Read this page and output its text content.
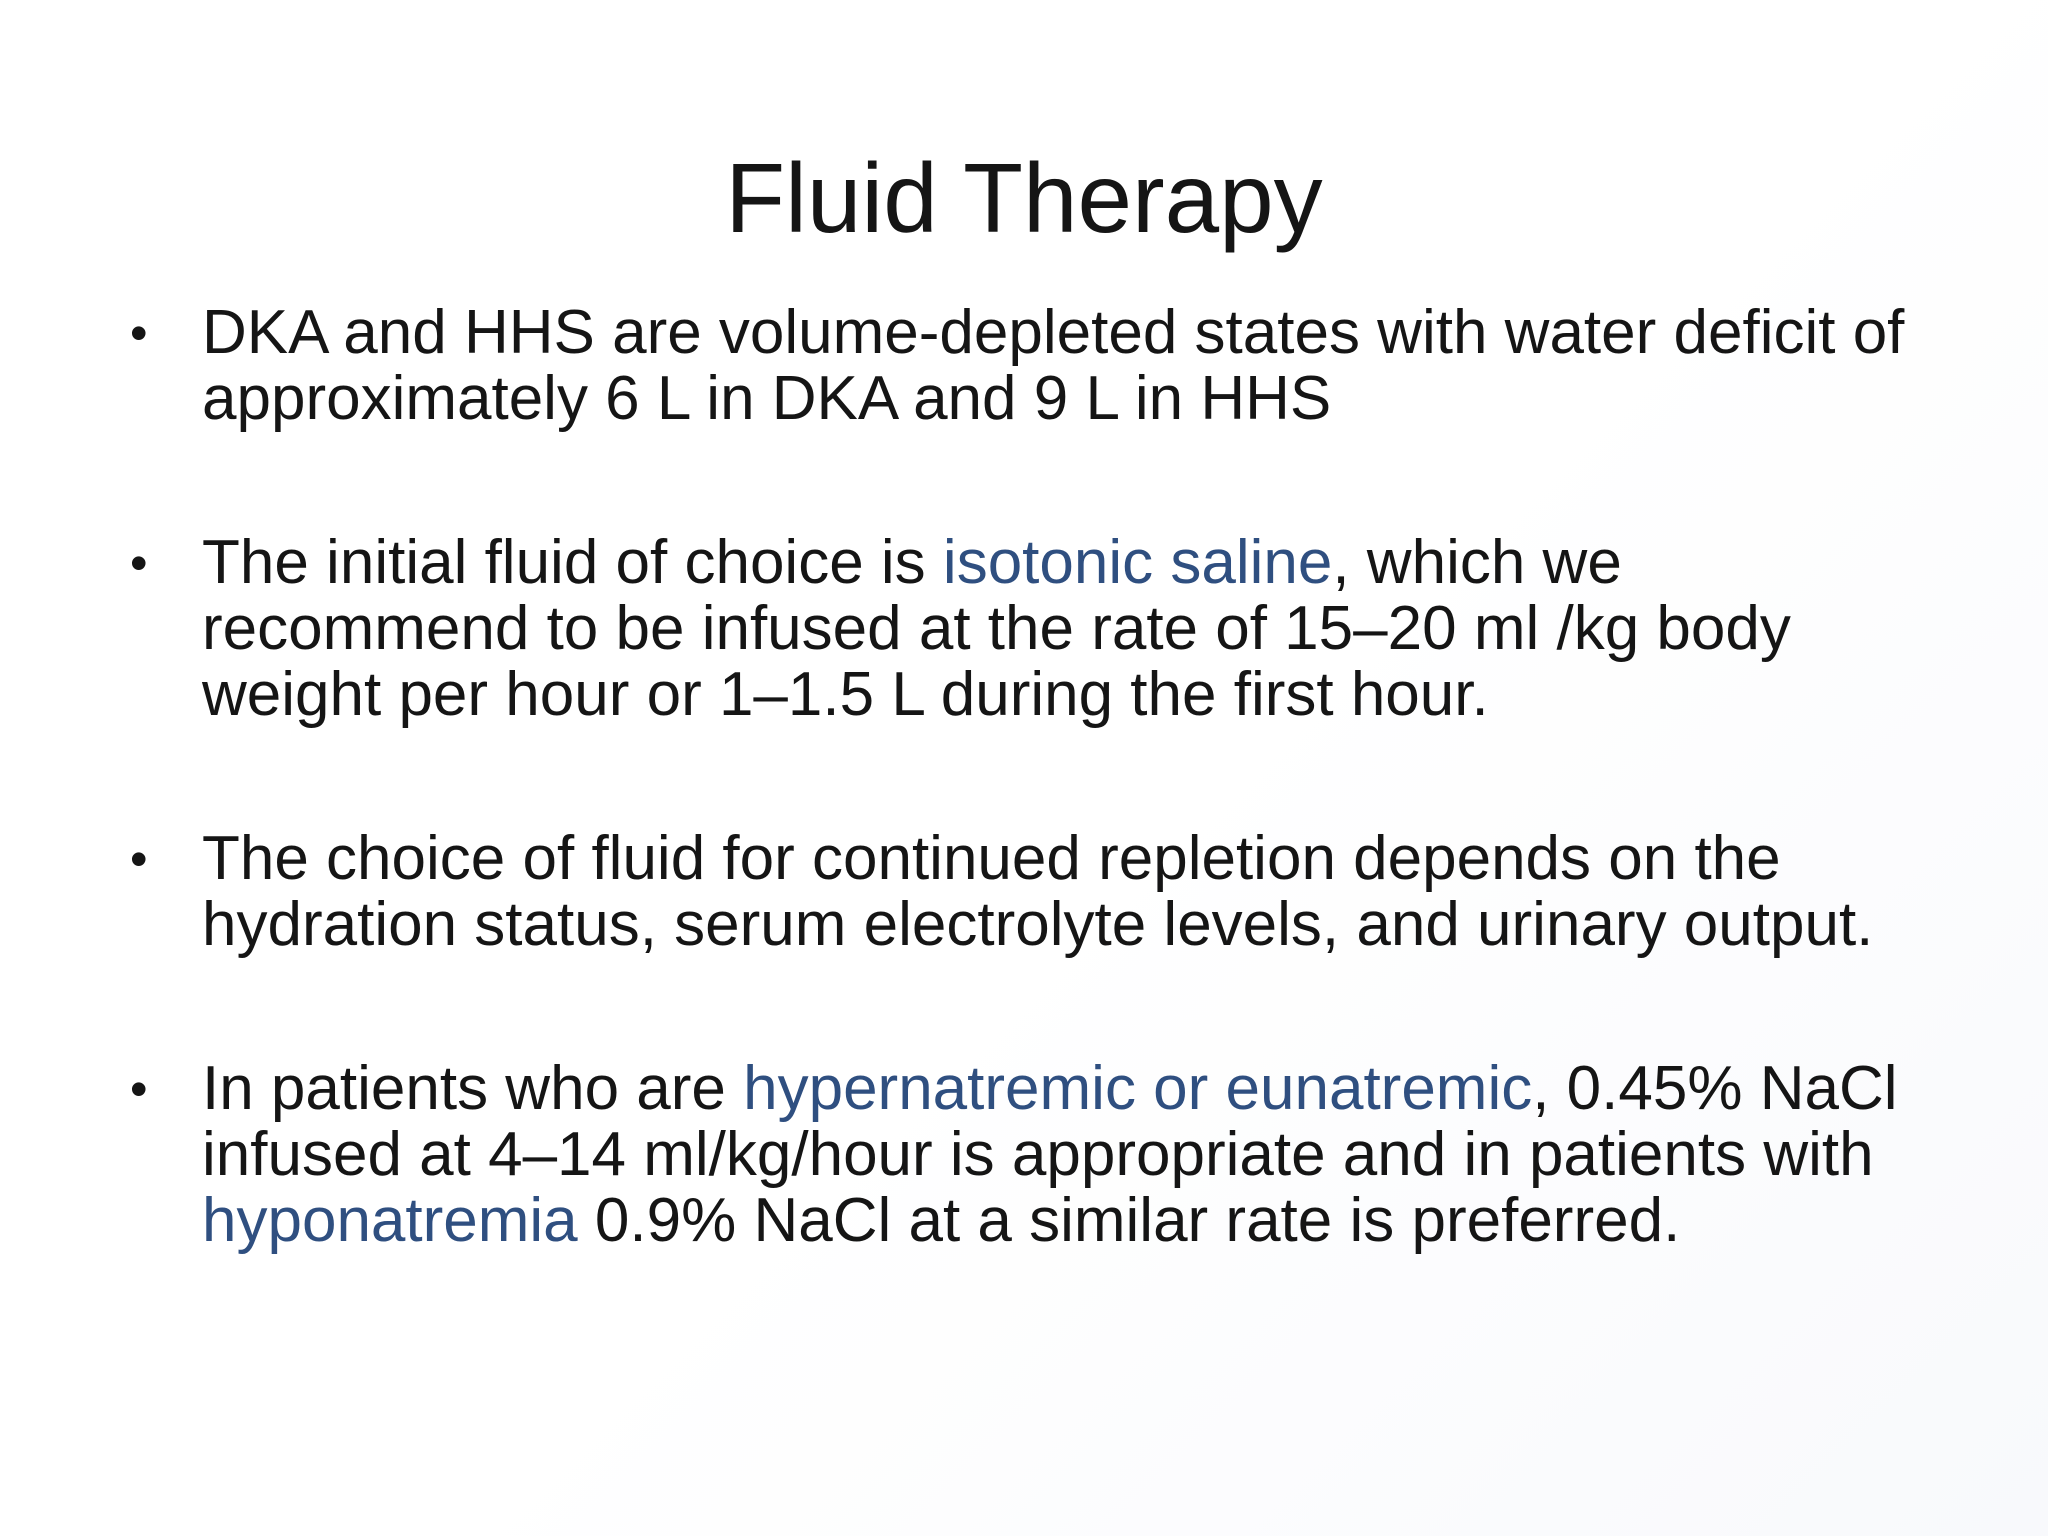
Fluid Therapy
• DKA and HHS are volume-depleted states with water deficit of approximately 6 L in DKA and 9 L in HHS
• The initial fluid of choice is isotonic saline, which we recommend to be infused at the rate of 15–20 ml /kg body weight per hour or 1–1.5 L during the first hour.
• The choice of fluid for continued repletion depends on the hydration status, serum electrolyte levels, and urinary output.
• In patients who are hypernatremic or eunatremic, 0.45% NaCl infused at 4–14 ml/kg/hour is appropriate and in patients with hyponatremia 0.9% NaCl at a similar rate is preferred.
